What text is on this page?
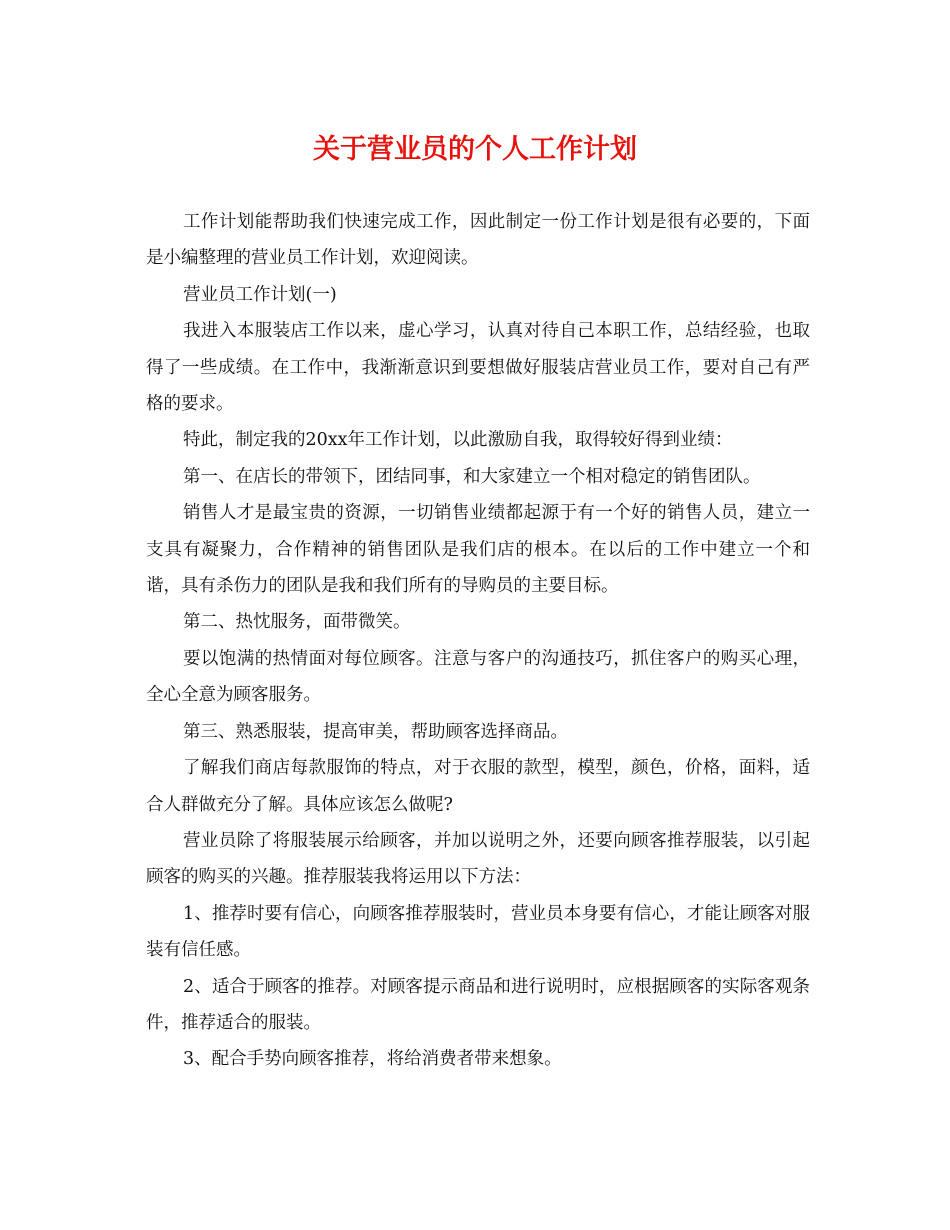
关于营业员的个人工作计划

工作计划能帮助我们快速完成工作，因此制定一份工作计划是很有必要的，下面是小编整理的营业员工作计划，欢迎阅读。

营业员工作计划(一)

我进入本服装店工作以来，虚心学习，认真对待自己本职工作，总结经验，也取得了一些成绩。在工作中，我渐渐意识到要想做好服装店营业员工作，要对自己有严格的要求。

特此，制定我的20xx年工作计划，以此激励自我，取得较好得到业绩：

第一、在店长的带领下，团结同事，和大家建立一个相对稳定的销售团队。

销售人才是最宝贵的资源，一切销售业绩都起源于有一个好的销售人员，建立一支具有凝聚力，合作精神的销售团队是我们店的根本。在以后的工作中建立一个和谐，具有杀伤力的团队是我和我们所有的导购员的主要目标。

第二、热忱服务，面带微笑。

要以饱满的热情面对每位顾客。注意与客户的沟通技巧，抓住客户的购买心理，全心全意为顾客服务。

第三、熟悉服装，提高审美，帮助顾客选择商品。

了解我们商店每款服饰的特点，对于衣服的款型，模型，颜色，价格，面料，适合人群做充分了解。具体应该怎么做呢?

营业员除了将服装展示给顾客，并加以说明之外，还要向顾客推荐服装，以引起顾客的购买的兴趣。推荐服装我将运用以下方法：

1、推荐时要有信心，向顾客推荐服装时，营业员本身要有信心，才能让顾客对服装有信任感。

2、适合于顾客的推荐。对顾客提示商品和进行说明时，应根据顾客的实际客观条件，推荐适合的服装。

3、配合手势向顾客推荐，将给消费者带来想象。
